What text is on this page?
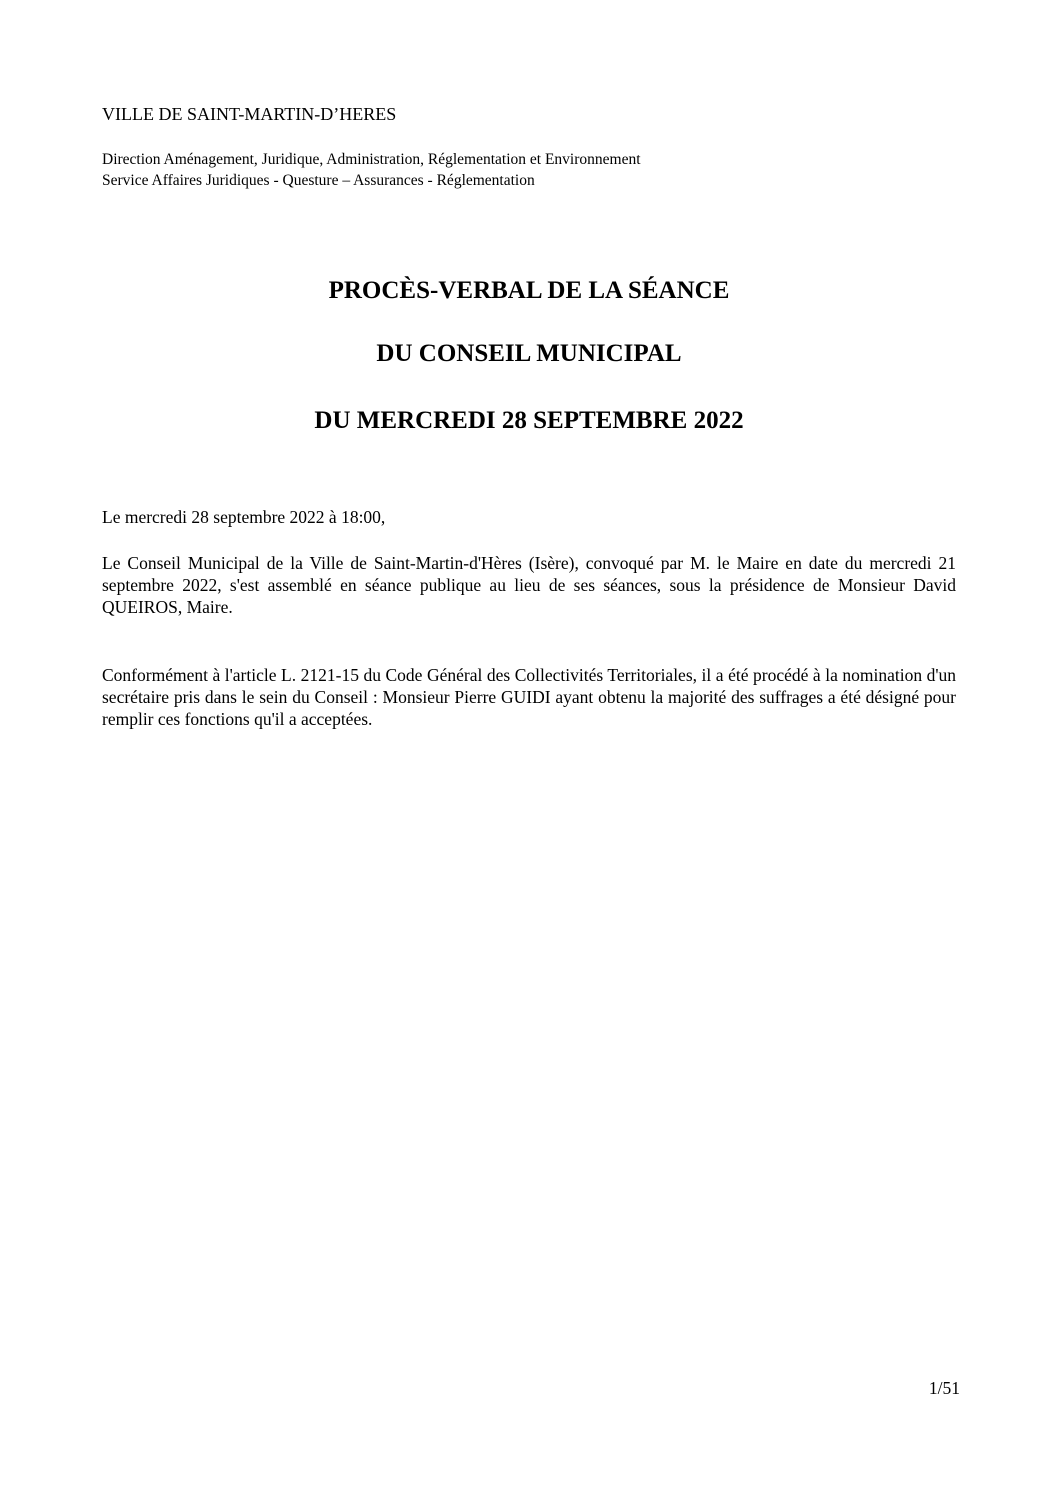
VILLE DE SAINT-MARTIN-D’HERES
Direction Aménagement, Juridique, Administration, Réglementation et Environnement
Service Affaires Juridiques - Questure – Assurances - Réglementation
PROCÈS-VERBAL DE LA SÉANCE
DU CONSEIL MUNICIPAL
DU MERCREDI 28 SEPTEMBRE 2022

Le mercredi 28 septembre 2022 à 18:00,

Le Conseil Municipal de la Ville de Saint-Martin-d'Hères (Isère), convoqué par M. le Maire en date du mercredi 21 septembre 2022, s'est assemblé en séance publique au lieu de ses séances, sous la présidence de Monsieur David QUEIROS, Maire.

Conformément à l'article L. 2121-15 du Code Général des Collectivités Territoriales, il a été procédé à la nomination d'un secrétaire pris dans le sein du Conseil : Monsieur Pierre GUIDI ayant obtenu la majorité des suffrages a été désigné pour remplir ces fonctions qu'il a acceptées.

1/51
